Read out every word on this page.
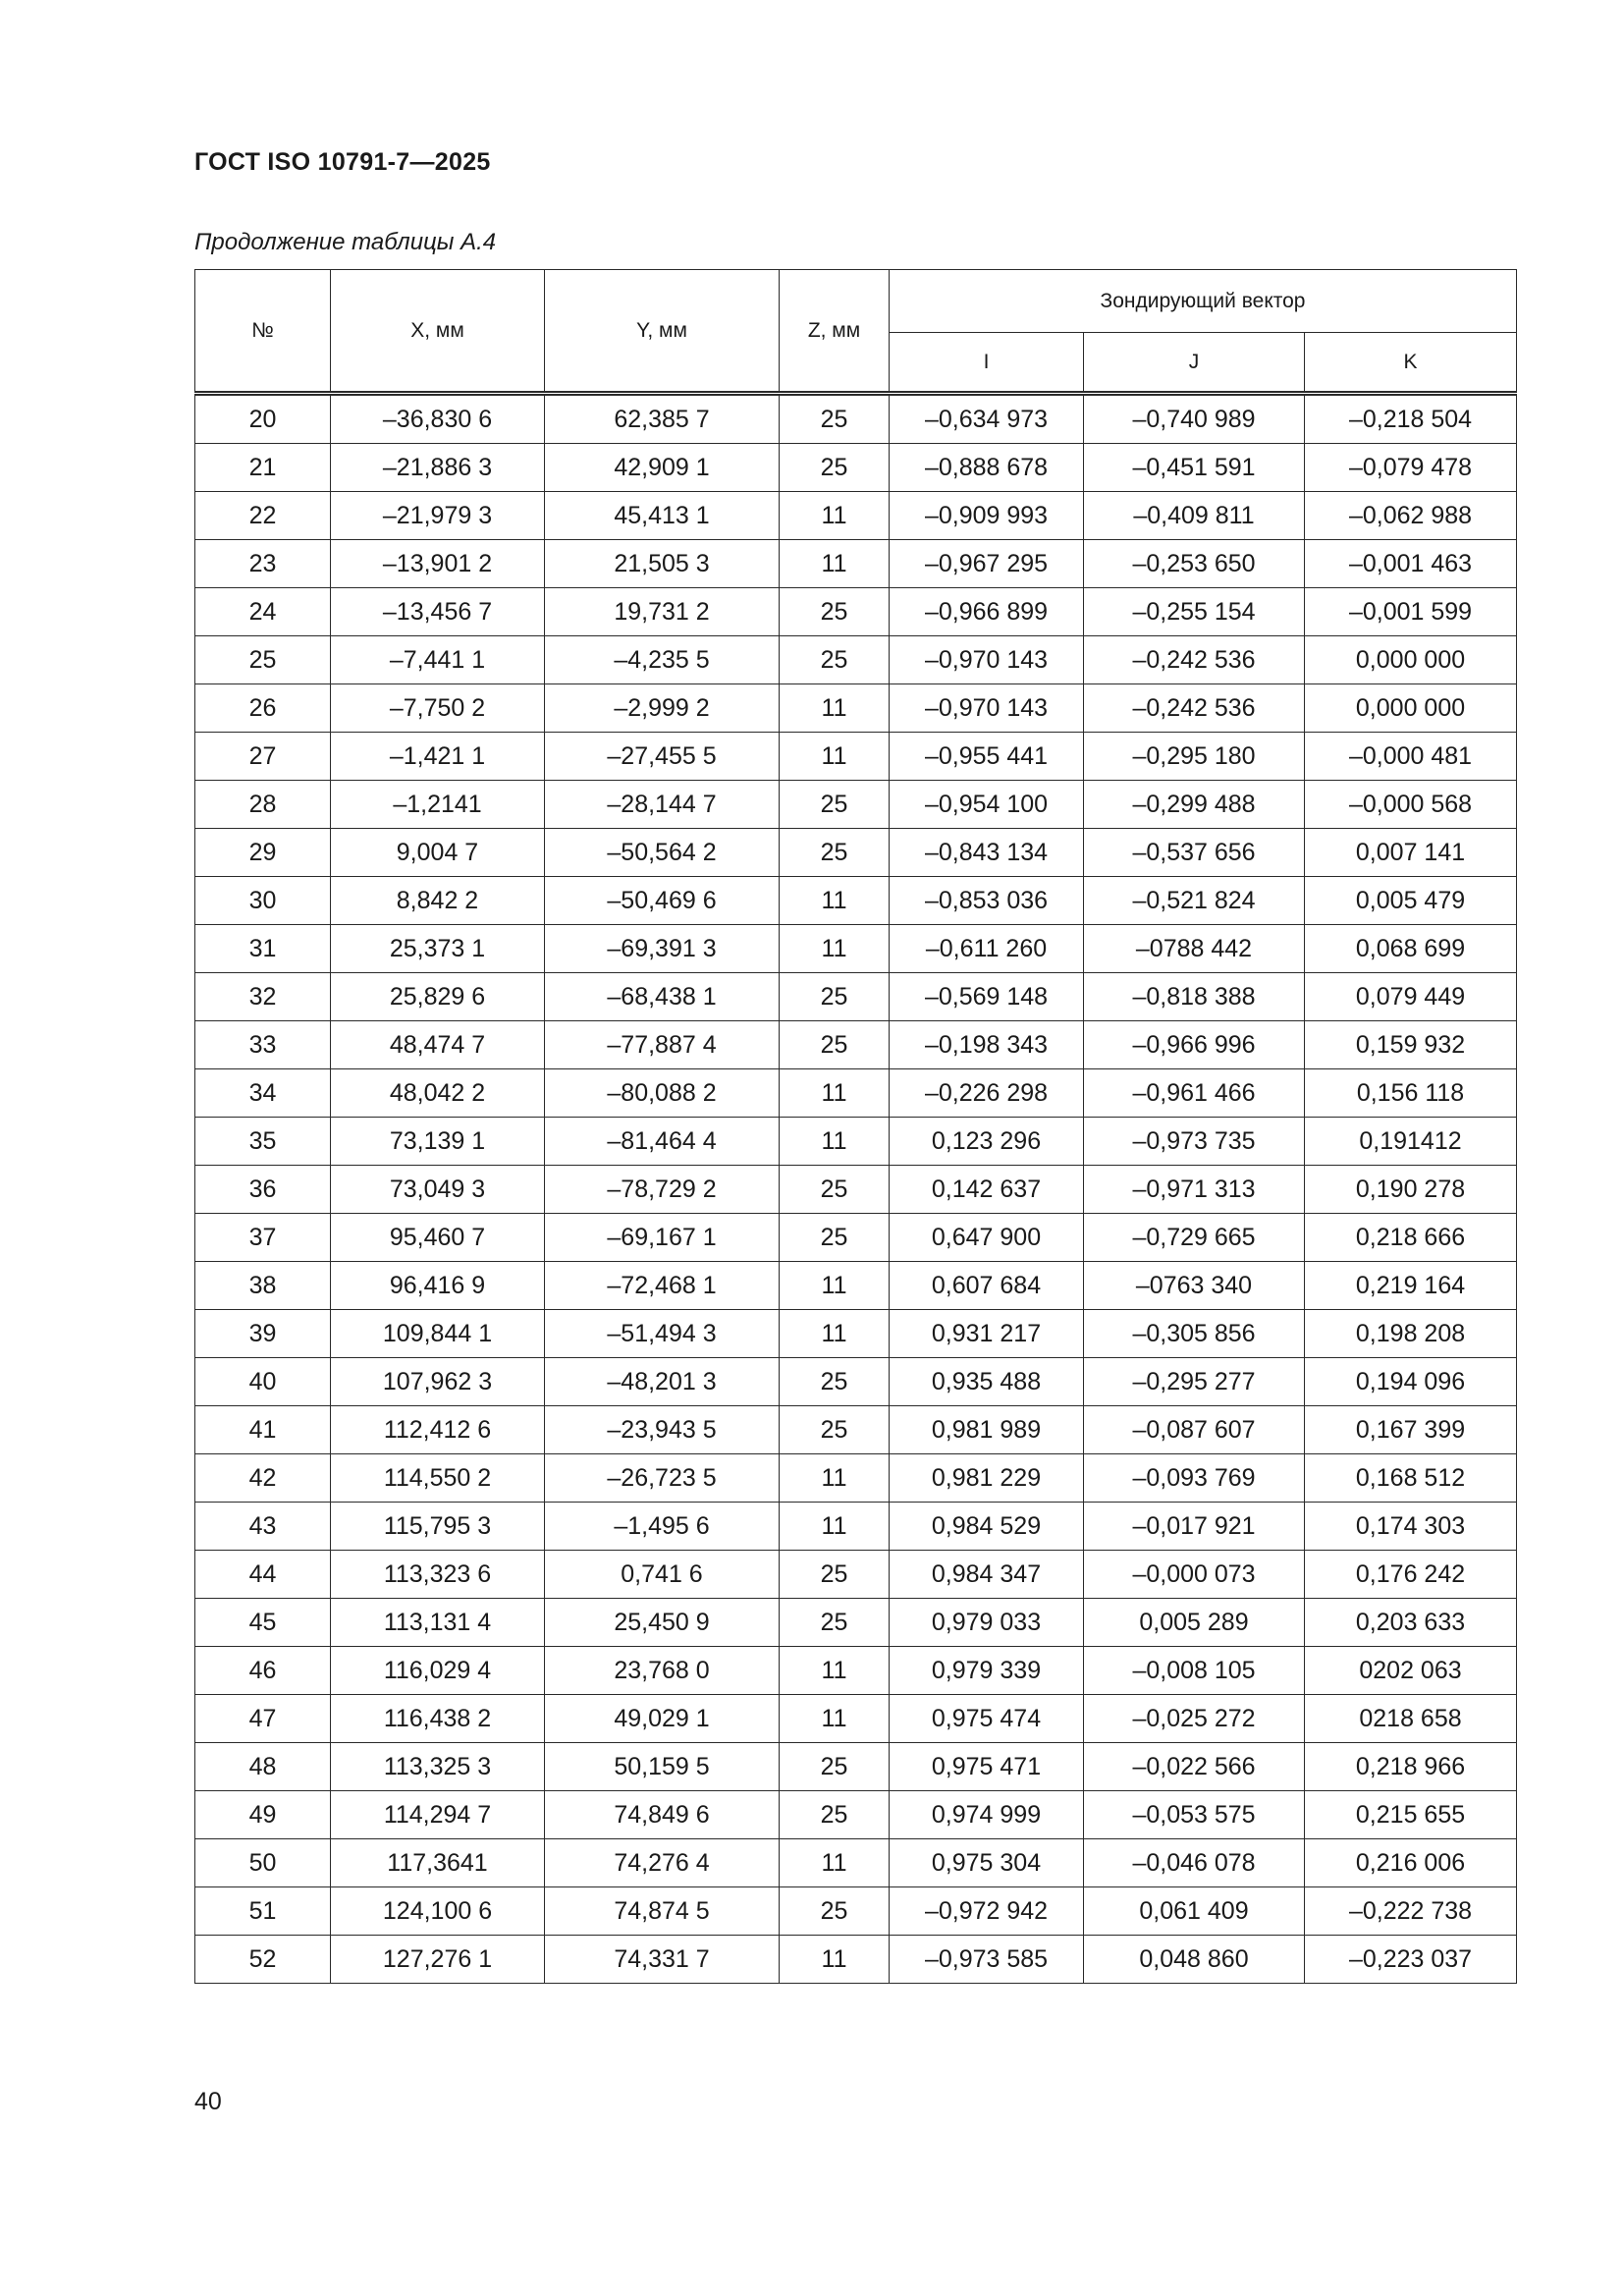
ГОСТ ISO 10791-7—2025
Продолжение таблицы А.4
№	X, мм	Y, мм	Z, мм	Зондирующий вектор		
				I	J	K
20	–36,830 6	62,385 7	25	–0,634 973	–0,740 989	–0,218 504
21	–21,886 3	42,909 1	25	–0,888 678	–0,451 591	–0,079 478
22	–21,979 3	45,413 1	11	–0,909 993	–0,409 811	–0,062 988
23	–13,901 2	21,505 3	11	–0,967 295	–0,253 650	–0,001 463
24	–13,456 7	19,731 2	25	–0,966 899	–0,255 154	–0,001 599
25	–7,441 1	–4,235 5	25	–0,970 143	–0,242 536	0,000 000
26	–7,750 2	–2,999 2	11	–0,970 143	–0,242 536	0,000 000
27	–1,421 1	–27,455 5	11	–0,955 441	–0,295 180	–0,000 481
28	–1,2141	–28,144 7	25	–0,954 100	–0,299 488	–0,000 568
29	9,004 7	–50,564 2	25	–0,843 134	–0,537 656	0,007 141
30	8,842 2	–50,469 6	11	–0,853 036	–0,521 824	0,005 479
31	25,373 1	–69,391 3	11	–0,611 260	–0788 442	0,068 699
32	25,829 6	–68,438 1	25	–0,569 148	–0,818 388	0,079 449
33	48,474 7	–77,887 4	25	–0,198 343	–0,966 996	0,159 932
34	48,042 2	–80,088 2	11	–0,226 298	–0,961 466	0,156 118
35	73,139 1	–81,464 4	11	0,123 296	–0,973 735	0,191412
36	73,049 3	–78,729 2	25	0,142 637	–0,971 313	0,190 278
37	95,460 7	–69,167 1	25	0,647 900	–0,729 665	0,218 666
38	96,416 9	–72,468 1	11	0,607 684	–0763 340	0,219 164
39	109,844 1	–51,494 3	11	0,931 217	–0,305 856	0,198 208
40	107,962 3	–48,201 3	25	0,935 488	–0,295 277	0,194 096
41	112,412 6	–23,943 5	25	0,981 989	–0,087 607	0,167 399
42	114,550 2	–26,723 5	11	0,981 229	–0,093 769	0,168 512
43	115,795 3	–1,495 6	11	0,984 529	–0,017 921	0,174 303
44	113,323 6	0,741 6	25	0,984 347	–0,000 073	0,176 242
45	113,131 4	25,450 9	25	0,979 033	0,005 289	0,203 633
46	116,029 4	23,768 0	11	0,979 339	–0,008 105	0202 063
47	116,438 2	49,029 1	11	0,975 474	–0,025 272	0218 658
48	113,325 3	50,159 5	25	0,975 471	–0,022 566	0,218 966
49	114,294 7	74,849 6	25	0,974 999	–0,053 575	0,215 655
50	117,3641	74,276 4	11	0,975 304	–0,046 078	0,216 006
51	124,100 6	74,874 5	25	–0,972 942	0,061 409	–0,222 738
52	127,276 1	74,331 7	11	–0,973 585	0,048 860	–0,223 037
40
